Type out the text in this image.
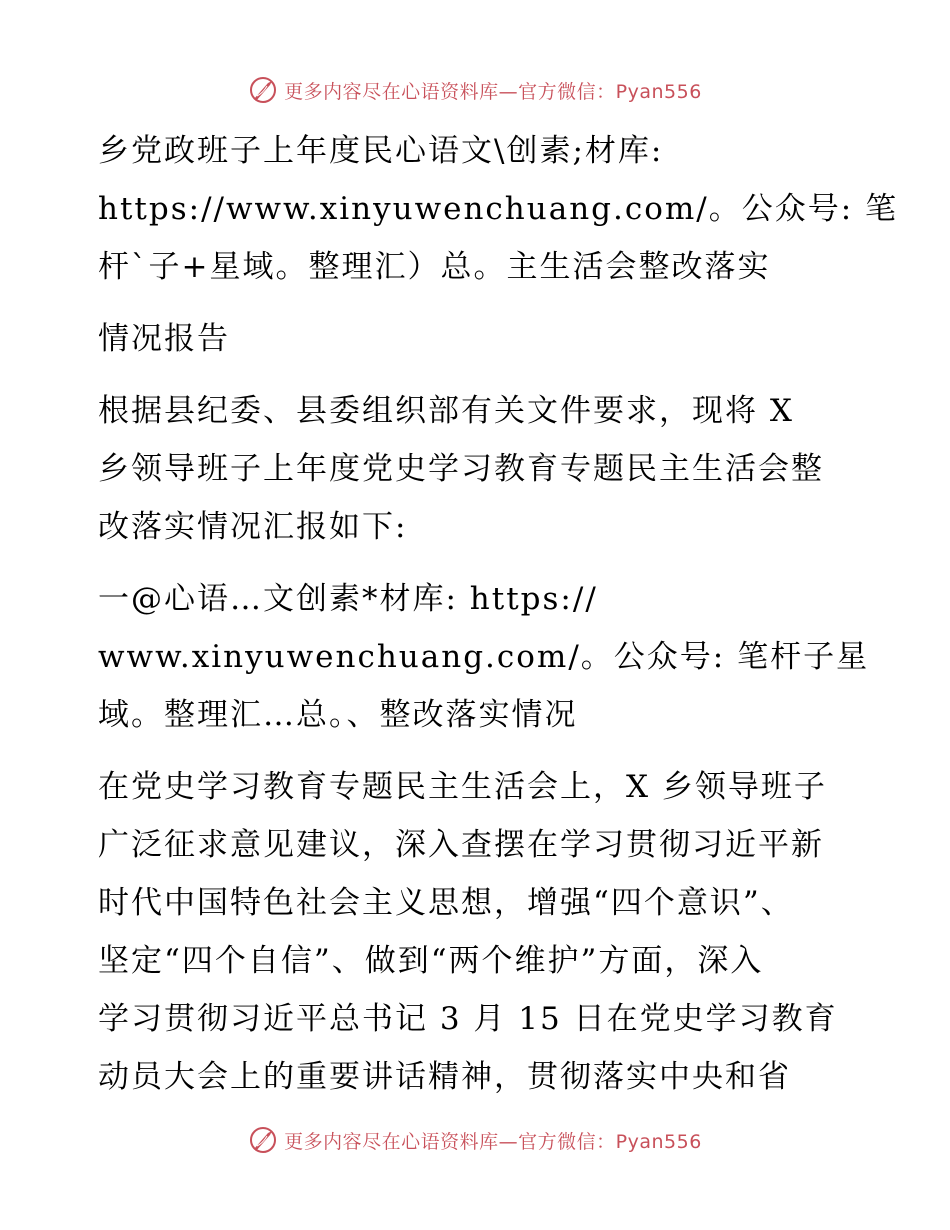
更多内容尽在心语资料库—官方微信：Pyan556
乡党政班子上年度民心语文\创素;材库:
https://www.xinyuwenchuang.com/。公众号: 笔
杆`子+星域。整理汇）总。主生活会整改落实
情况报告
根据县纪委、县委组织部有关文件要求，现将 X
乡领导班子上年度党史学习教育专题民主生活会整
改落实情况汇报如下:
一@心语…文创素*材库: https://
www.xinyuwenchuang.com/。公众号: 笔杆子星
域。整理汇…总。、整改落实情况
在党史学习教育专题民主生活会上，X 乡领导班子
广泛征求意见建议，深入查摆在学习贯彻习近平新
时代中国特色社会主义思想，增强“四个意识”、
坚定“四个自信”、做到“两个维护”方面，深入
学习贯彻习近平总书记 3 月 15 日在党史学习教育
动员大会上的重要讲话精神，贯彻落实中央和省
更多内容尽在心语资料库—官方微信：Pyan556
